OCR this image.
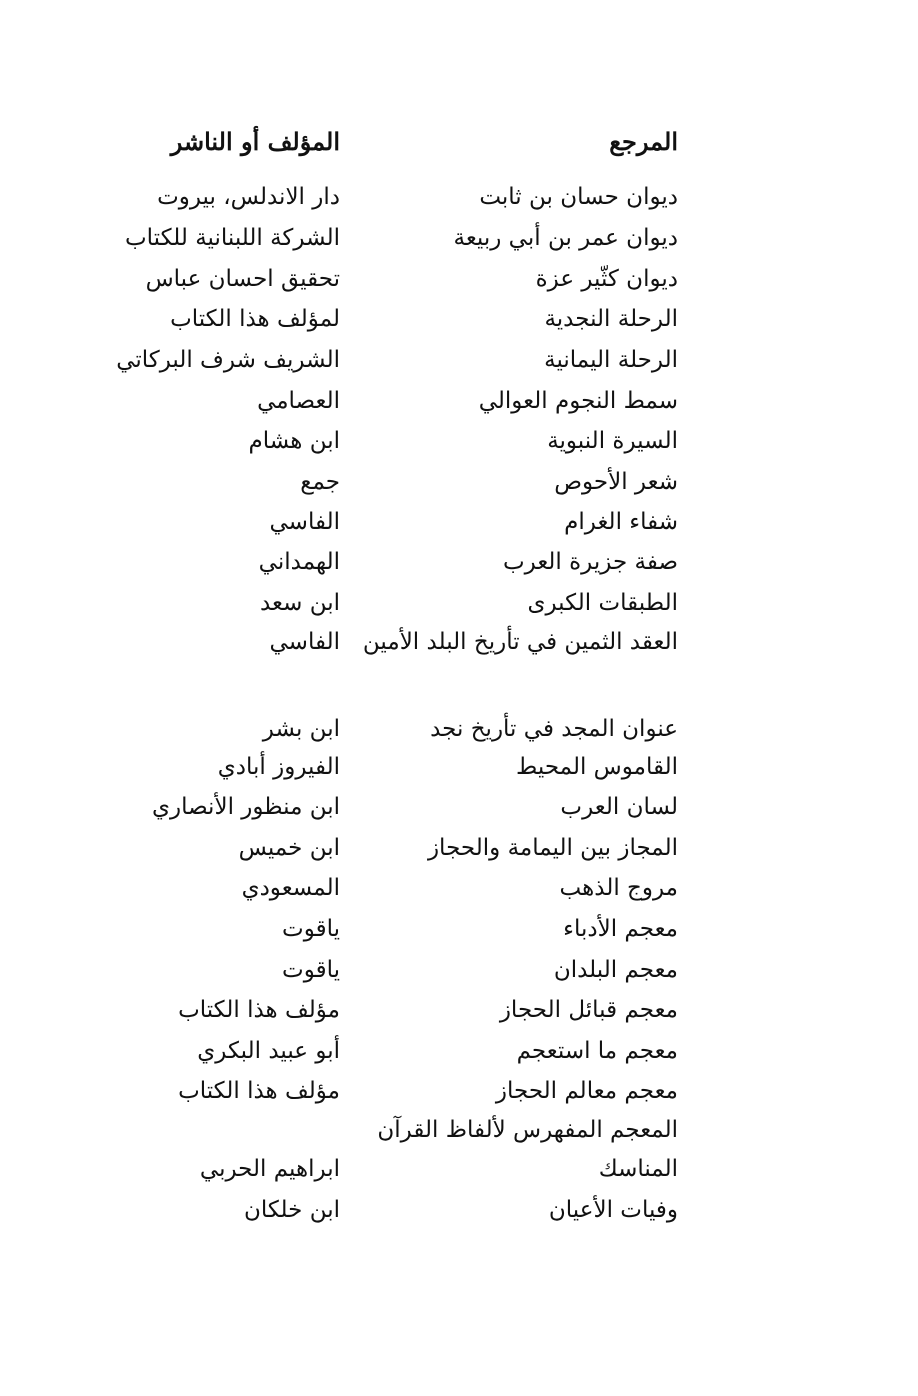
المرجع
المؤلف أو الناشر
ديوان حسان بن ثابت
دار الاندلس، بيروت
ديوان عمر بن أبي ربيعة
الشركة اللبنانية للكتاب
ديوان كثّير عزة
تحقيق احسان عباس
الرحلة النجدية
لمؤلف هذا الكتاب
الرحلة اليمانية
الشريف شرف البركاتي
سمط النجوم العوالي
العصامي
السيرة النبوية
ابن هشام
شعر الأحوص
جمع
شفاء الغرام
الفاسي
صفة جزيرة العرب
الهمداني
الطبقات الكبرى
ابن سعد
العقد الثمين في تأريخ البلد الأمين
الفاسي
عنوان المجد في تأريخ نجد
ابن بشر
القاموس المحيط
الفيروز أبادي
لسان العرب
ابن منظور الأنصاري
المجاز بين اليمامة والحجاز
ابن خميس
مروج الذهب
المسعودي
معجم الأدباء
ياقوت
معجم البلدان
ياقوت
معجم قبائل الحجاز
مؤلف هذا الكتاب
معجم ما استعجم
أبو عبيد البكري
معجم معالم الحجاز
مؤلف هذا الكتاب
المعجم المفهرس لألفاظ القرآن
المناسك
ابراهيم الحربي
وفيات الأعيان
ابن خلكان
